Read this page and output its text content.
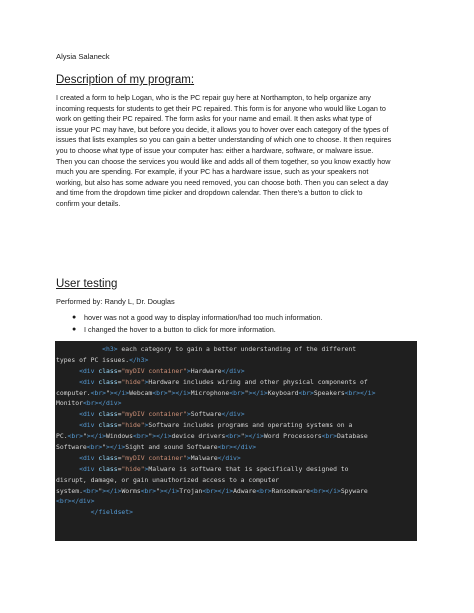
Alysia Salaneck
Description of my program:
I created a form to help Logan, who is the PC repair guy here at Northampton, to help organize any
incoming requests for students to get their PC repaired. This form is for anyone who would like Logan to
work on getting their PC repaired. The form asks for your name and email. It then asks what type of
issue your PC may have, but before you decide, it allows you to hover over each category of the types of
issues that lists examples so you can gain a better understanding of which one to choose. It then requires
you to choose what type of issue your computer has: either a hardware, software, or malware issue.
Then you can choose the services you would like and adds all of them together, so you know exactly how
much you are spending. For example, if your PC has a hardware issue, such as your speakers not
working, but also has some adware you need removed, you can choose both. Then you can select a day
and time from the dropdown time picker and dropdown calendar. Then there's a button to click to
confirm your details.
User testing
Performed by: Randy L, Dr. Douglas
● hover was not a good way to display information/had too much information.
● I changed the hover to a button to click for more information.
<h3> each category to gain a better understanding of the different
types of PC issues.</h3>
<div class="myDIV container">Hardware</div>
<div class="hide">Hardware includes wiring and other physical components of
computer.<br>"></i>Webcam<br>"></i>Microphone<br>"></i>Keyboard<br>Speakers<br></i>
Monitor<br></div>
<div class="myDIV container">Software</div>
<div class="hide">Software includes programs and operating systems on a
PC.<br>"></i>Windows<br>"></i>device drivers<br>"></i>Word Processors<br>Database
Software<br>"></i>Sight and sound Software<br></div>
<div class="myDIV container">Malware</div>
<div class="hide">Malware is software that is specifically designed to
disrupt, damage, or gain unauthorized access to a computer
system.<br>"></i>Worms<br>"></i>Trojan<br></i>Adware<br>Ransomware<br></i>Spyware
<br></div>
</fieldset>
